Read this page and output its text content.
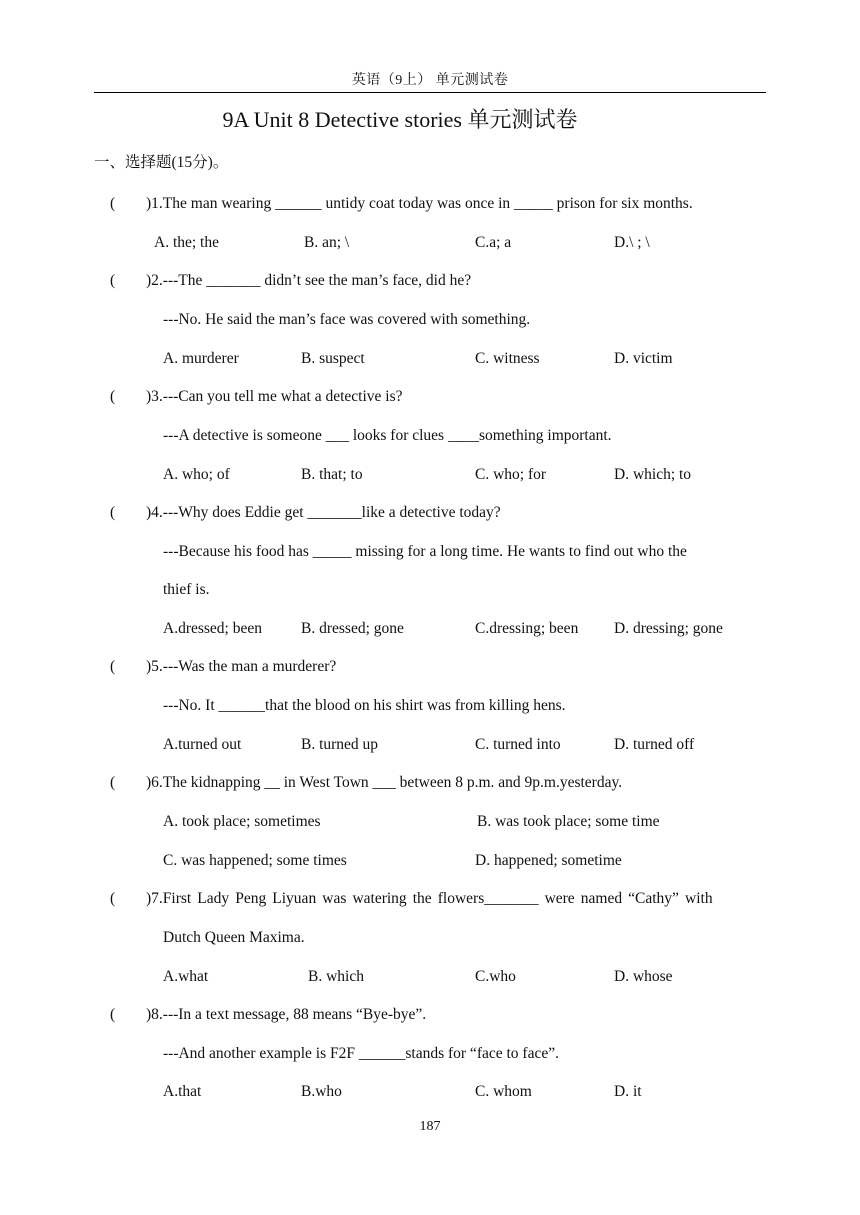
英语（9上） 单元测试卷
9A Unit 8 Detective stories 单元测试卷
一、选择题(15分)。
( )1.The man wearing ______ untidy coat today was once in _____ prison for six months.
A. the; the	B. an; \	C.a; a	D.\ ; \
( )2.---The _______ didn’t see the man’s face, did he?
---No. He said the man’s face was covered with something.
A. murderer	B. suspect	C. witness	D. victim
( )3.---Can you tell me what a detective is?
---A detective is someone ___ looks for clues ____something important.
A. who; of	B. that; to	C. who; for	D. which; to
( )4.---Why does Eddie get _______like a detective today?
---Because his food has _____ missing for a long time. He wants to find out who the
thief is.
A.dressed; been	B. dressed; gone	C.dressing; been D. dressing; gone
( )5.---Was the man a murderer?
---No. It ______that the blood on his shirt was from killing hens.
A.turned out	B. turned up	C. turned into	D. turned off
( )6.The kidnapping __ in West Town ___ between 8 p.m. and 9p.m.yesterday.
A. took place; sometimes	B. was took place; some time
C. was happened; some times	D. happened; sometime
( )7.First Lady Peng Liyuan was watering the flowers_______ were named “Cathy” with
Dutch Queen Maxima.
A.what	B. which	C.who	D. whose
( )8.---In a text message, 88 means “Bye-bye”.
---And another example is F2F ______stands for “face to face”.
A.that	B.who	C. whom	D. it
187
